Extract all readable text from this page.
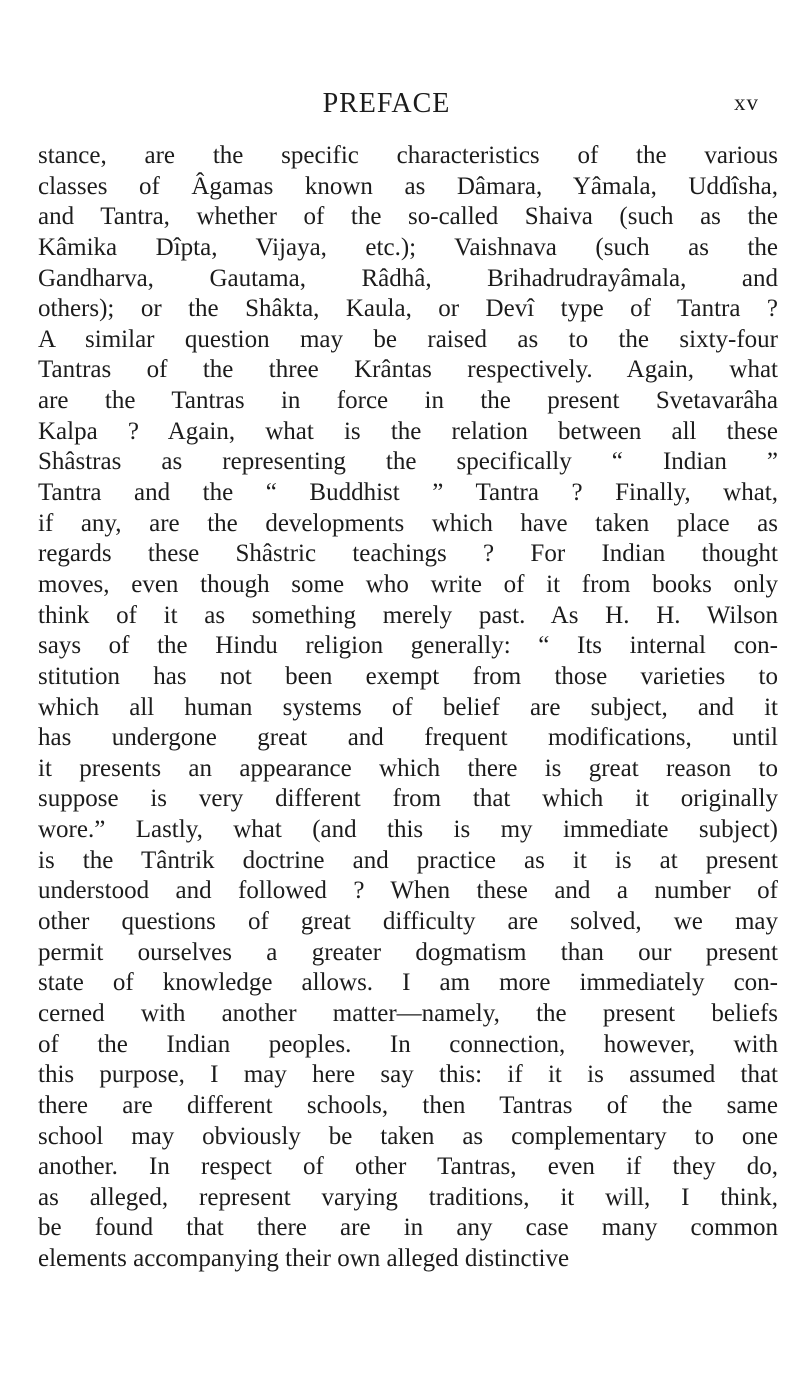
PREFACE	xv
stance, are the specific characteristics of the various
classes of Âgamas known as Dâmara, Yâmala, Uddîsha,
and Tantra, whether of the so-called Shaiva (such as the
Kâmika Dîpta, Vijaya, etc.); Vaishnava (such as the
Gandharva, Gautama, Râdhâ, Brihadrudrayâmala, and
others); or the Shâkta, Kaula, or Devî type of Tantra ?
A similar question may be raised as to the sixty-four
Tantras of the three Krântas respectively. Again, what
are the Tantras in force in the present Svetavarâha
Kalpa ? Again, what is the relation between all these
Shâstras as representing the specifically “ Indian ”
Tantra and the “ Buddhist ” Tantra ? Finally, what,
if any, are the developments which have taken place as
regards these Shâstric teachings ? For Indian thought
moves, even though some who write of it from books only
think of it as something merely past. As H. H. Wilson
says of the Hindu religion generally: “ Its internal con-
stitution has not been exempt from those varieties to
which all human systems of belief are subject, and it
has undergone great and frequent modifications, until
it presents an appearance which there is great reason to
suppose is very different from that which it originally
wore.” Lastly, what (and this is my immediate subject)
is the Tântrik doctrine and practice as it is at present
understood and followed ? When these and a number of
other questions of great difficulty are solved, we may
permit ourselves a greater dogmatism than our present
state of knowledge allows. I am more immediately con-
cerned with another matter—namely, the present beliefs
of the Indian peoples. In connection, however, with
this purpose, I may here say this: if it is assumed that
there are different schools, then Tantras of the same
school may obviously be taken as complementary to one
another. In respect of other Tantras, even if they do,
as alleged, represent varying traditions, it will, I think,
be found that there are in any case many common
elements accompanying their own alleged distinctive
